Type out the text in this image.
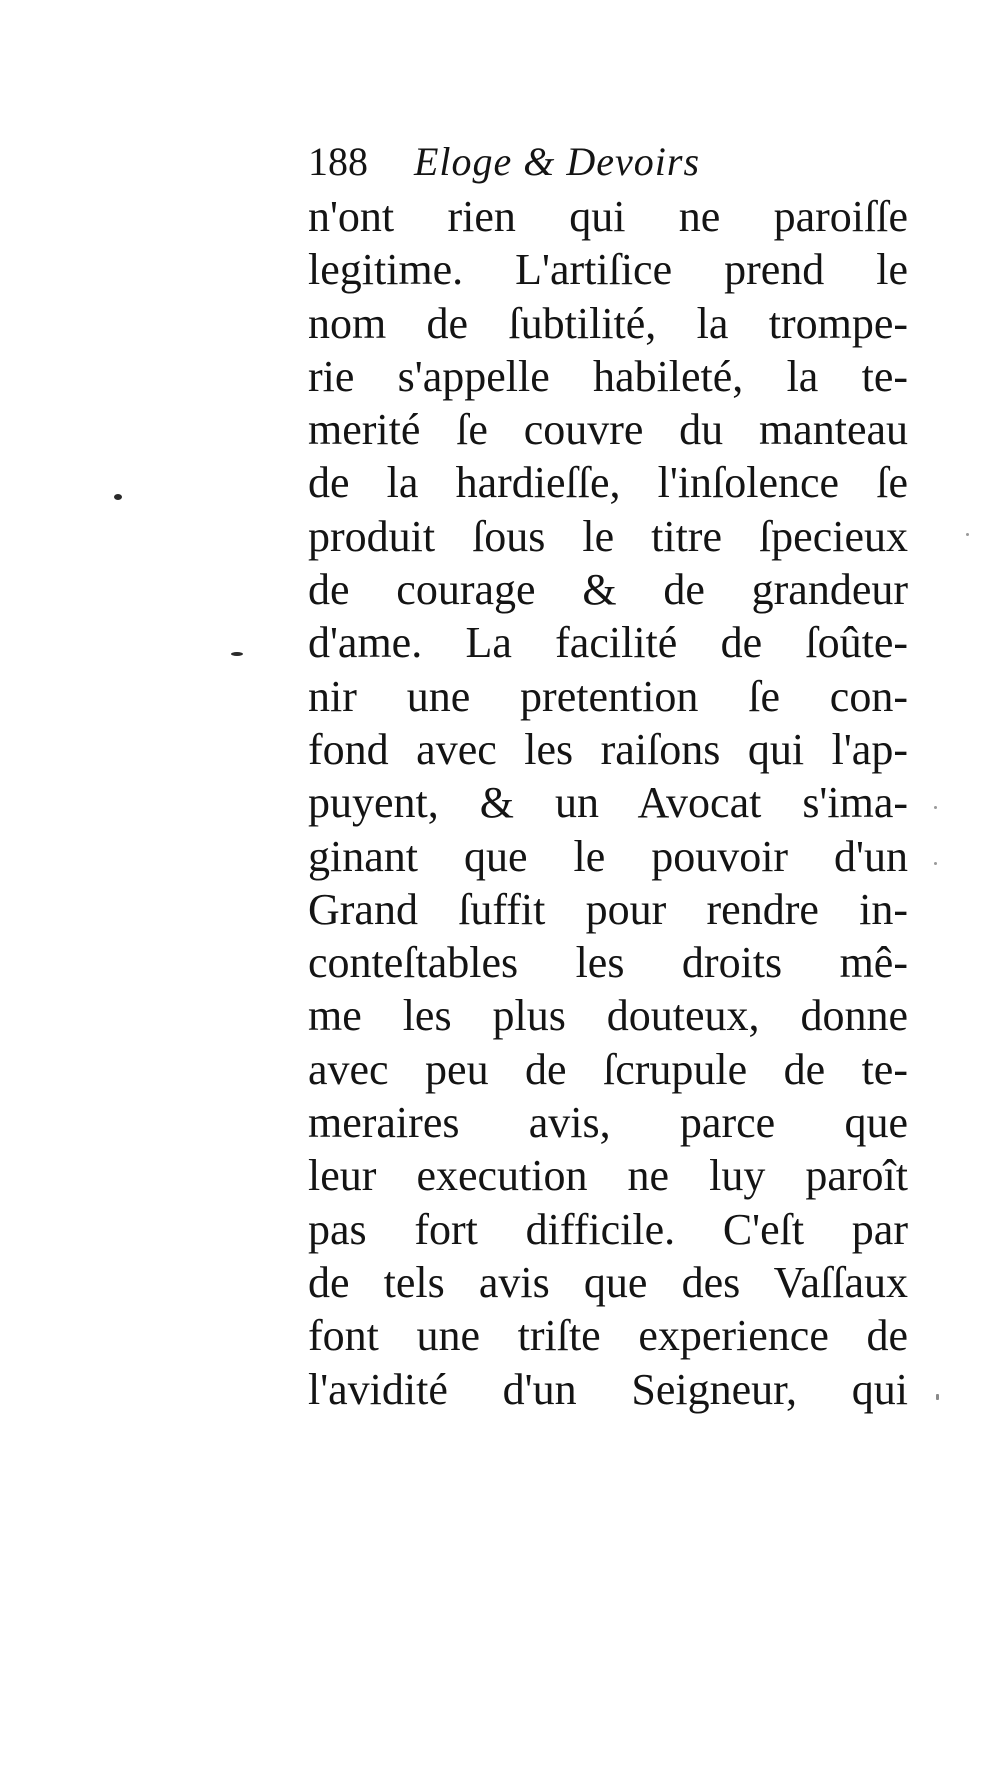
188 Eloge & Devoirs
n'ont rien qui ne paroiſſe
legitime. L'artiſice prend le
nom de ſubtilité, la trompe-
rie s'appelle habileté, la te-
merité ſe couvre du manteau
de la hardieſſe, l'inſolence ſe
produit ſous le titre ſpecieux
de courage & de grandeur
d'ame. La facilité de ſoûte-
nir une pretention ſe con-
fond avec les raiſons qui l'ap-
puyent, & un Avocat s'ima-
ginant que le pouvoir d'un
Grand ſuffit pour rendre in-
conteſtables les droits mê-
me les plus douteux, donne
avec peu de ſcrupule de te-
meraires avis, parce que
leur execution ne luy paroît
pas fort difficile. C'eſt par
de tels avis que des Vaſſaux
font une triſte experience de
l'avidité d'un Seigneur, qui
